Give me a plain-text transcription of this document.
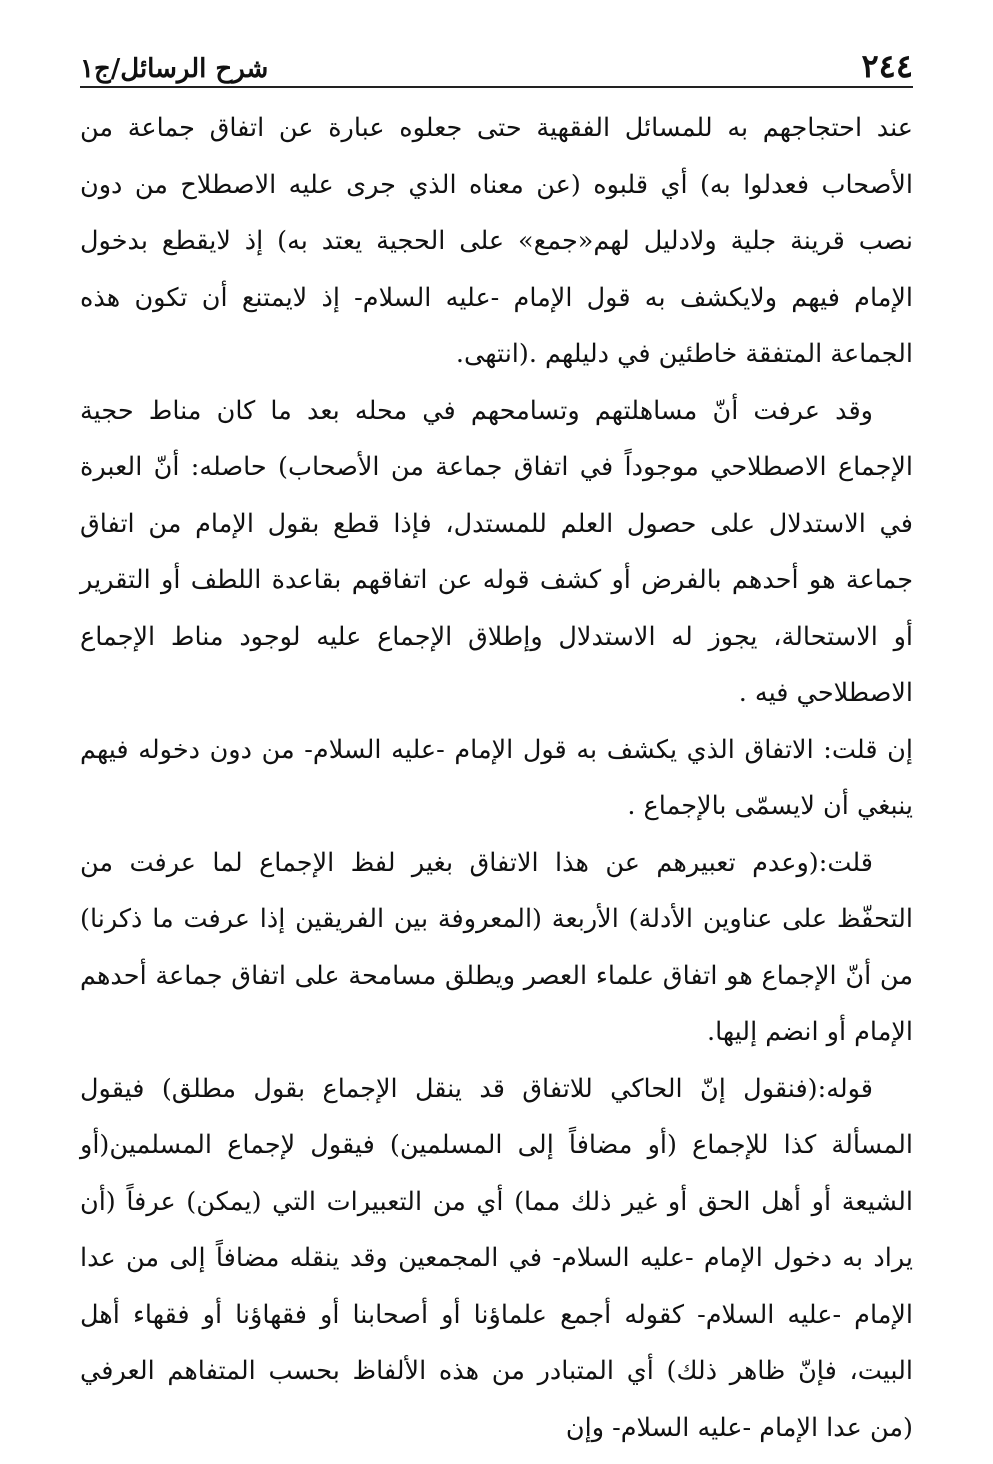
٢٤٤
شرح الرسائل/ج١

عند احتجاجهم به للمسائل الفقهية حتى جعلوه عبارة عن اتفاق جماعة من الأصحاب فعدلوا به) أي قلبوه (عن معناه الذي جرى عليه الاصطلاح من دون نصب قرينة جلية ولادليل لهم«جمع» على الحجية يعتد به) إذ لايقطع بدخول الإمام فيهم ولايكشف به قول الإمام -عليه السلام- إذ لايمتنع أن تكون هذه الجماعة المتفقة خاطئين في دليلهم .(انتهى.

وقد عرفت أنّ مساهلتهم وتسامحهم في محله بعد ما كان مناط حجية الإجماع الاصطلاحي موجوداً في اتفاق جماعة من الأصحاب) حاصله: أنّ العبرة في الاستدلال على حصول العلم للمستدل، فإذا قطع بقول الإمام من اتفاق جماعة هو أحدهم بالفرض أو كشف قوله عن اتفاقهم بقاعدة اللطف أو التقرير أو الاستحالة، يجوز له الاستدلال وإطلاق الإجماع عليه لوجود مناط الإجماع الاصطلاحي فيه .

إن قلت: الاتفاق الذي يكشف به قول الإمام -عليه السلام- من دون دخوله فيهم ينبغي أن لايسمّى بالإجماع .

قلت:(وعدم تعبيرهم عن هذا الاتفاق بغير لفظ الإجماع لما عرفت من التحفّظ على عناوين الأدلة) الأربعة (المعروفة بين الفريقين إذا عرفت ما ذكرنا) من أنّ الإجماع هو اتفاق علماء العصر ويطلق مسامحة على اتفاق جماعة أحدهم الإمام أو انضم إليها.

قوله:(فنقول إنّ الحاكي للاتفاق قد ينقل الإجماع بقول مطلق) فيقول المسألة كذا للإجماع (أو مضافاً إلى المسلمين) فيقول لإجماع المسلمين(أو الشيعة أو أهل الحق أو غير ذلك مما) أي من التعبيرات التي (يمكن) عرفاً (أن يراد به دخول الإمام -عليه السلام- في المجمعين وقد ينقله مضافاً إلى من عدا الإمام -عليه السلام- كقوله أجمع علماؤنا أو أصحابنا أو فقهاؤنا أو فقهاء أهل البيت، فإنّ ظاهر ذلك) أي المتبادر من هذه الألفاظ بحسب المتفاهم العرفي (من عدا الإمام -عليه السلام- وإن
